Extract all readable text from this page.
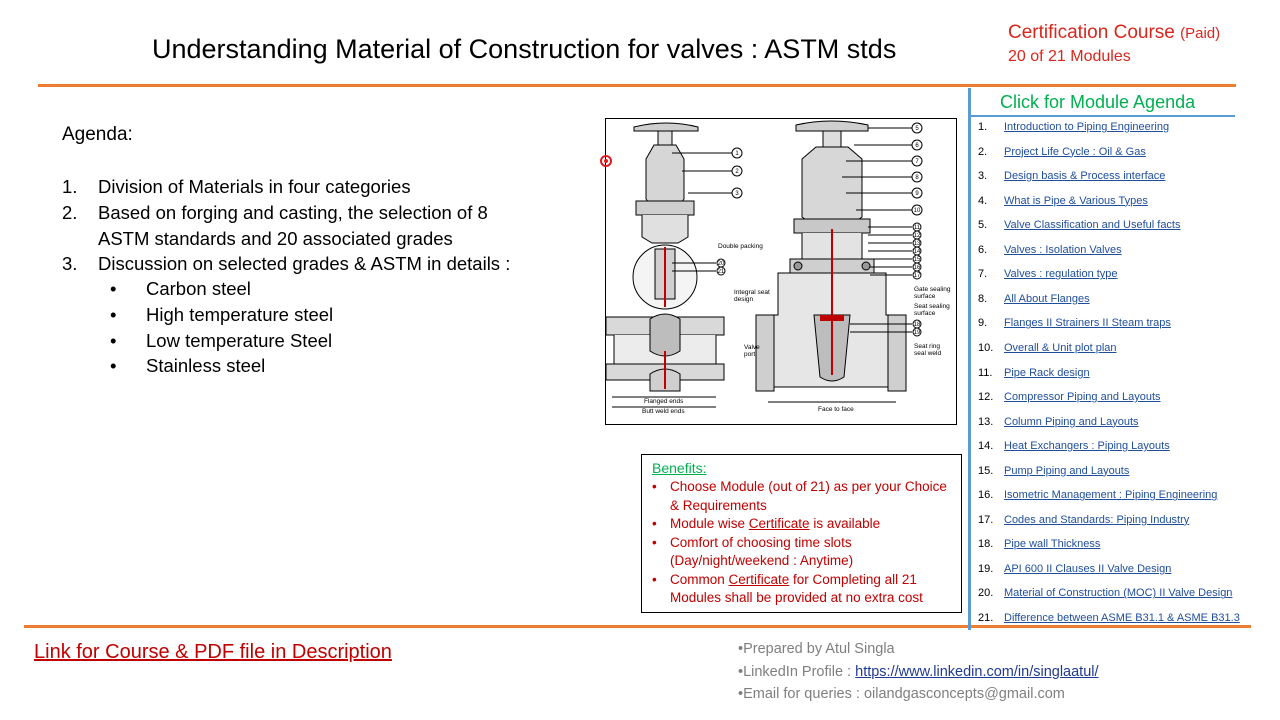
Understanding Material of Construction for valves : ASTM stds
Certification Course (Paid)
20 of 21 Modules
Agenda:
1. Division of Materials in four categories
2. Based on forging and casting, the selection of 8
ASTM standards and 20 associated grades
3. Discussion on selected grades & ASTM in details :
• Carbon steel
• High temperature steel
• Low temperature Steel
• Stainless steel
5
6
7
8
9
10
11
12
13
14
15
16
17
18
19
1
2
3
20
21
Double packing
Integral seat
design
Gate sealing
surface
Seat sealing
surface
Valve
port
Seat ring
seal weld
Flanged ends
Butt weld ends	Face to face
Benefits:
• Choose Module (out of 21) as per your Choice & Requirements
• Module wise Certificate is available
• Comfort of choosing time slots (Day/night/weekend : Anytime)
• Common Certificate for Completing all 21 Modules shall be provided at no extra cost
Click for Module Agenda
1. Introduction to Piping Engineering
2. Project Life Cycle : Oil & Gas
3. Design basis & Process interface
4. What is Pipe & Various Types
5. Valve Classification and Useful facts
6. Valves : Isolation Valves
7. Valves : regulation type
8. All About Flanges
9. Flanges II Strainers II Steam traps
10. Overall & Unit plot plan
11. Pipe Rack design
12. Compressor Piping and Layouts
13. Column Piping and Layouts
14. Heat Exchangers : Piping Layouts
15. Pump Piping and Layouts
16. Isometric Management : Piping Engineering
17. Codes and Standards: Piping Industry
18. Pipe wall Thickness
19. API 600 II Clauses II Valve Design
20. Material of Construction (MOC) II Valve Design
21. Difference between ASME B31.1 & ASME B31.3
Link for Course & PDF file in Description	•Prepared by Atul Singla
•LinkedIn Profile : https://www.linkedin.com/in/singlaatul/
•Email for queries : oilandgasconcepts@gmail.com
